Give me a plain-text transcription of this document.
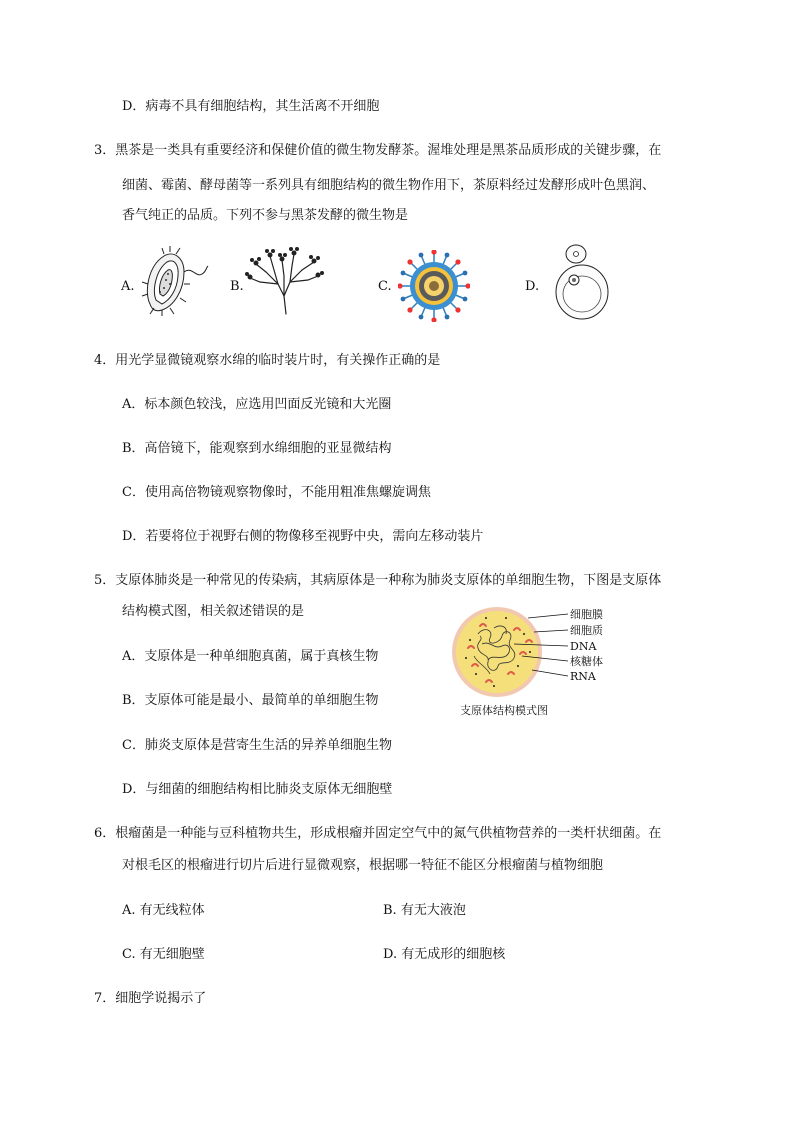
D．病毒不具有细胞结构，其生活离不开细胞
3．黑茶是一类具有重要经济和保健价值的微生物发酵茶。渥堆处理是黑茶品质形成的关键步骤，在
细菌、霉菌、酵母菌等一系列具有细胞结构的微生物作用下，茶原料经过发酵形成叶色黑润、
香气纯正的品质。下列不参与黑茶发酵的微生物是
A.	B.	C.	D.
4．用光学显微镜观察水绵的临时装片时，有关操作正确的是
A．标本颜色较浅，应选用凹面反光镜和大光圈
B．高倍镜下，能观察到水绵细胞的亚显微结构
C．使用高倍物镜观察物像时，不能用粗准焦螺旋调焦
D．若要将位于视野右侧的物像移至视野中央，需向左移动装片
5．支原体肺炎是一种常见的传染病，其病原体是一种称为肺炎支原体的单细胞生物，下图是支原体
结构模式图，相关叙述错误的是
A．支原体是一种单细胞真菌，属于真核生物
B．支原体可能是最小、最简单的单细胞生物
C．肺炎支原体是营寄生生活的异养单细胞生物
D．与细菌的细胞结构相比肺炎支原体无细胞壁
细胞膜
细胞质
DNA
核糖体
RNA
支原体结构模式图
6．根瘤菌是一种能与豆科植物共生，形成根瘤并固定空气中的氮气供植物营养的一类杆状细菌。在
对根毛区的根瘤进行切片后进行显微观察，根据哪一特征不能区分根瘤菌与植物细胞
A. 有无线粒体	B. 有无大液泡
C. 有无细胞壁	D. 有无成形的细胞核
7．细胞学说揭示了
